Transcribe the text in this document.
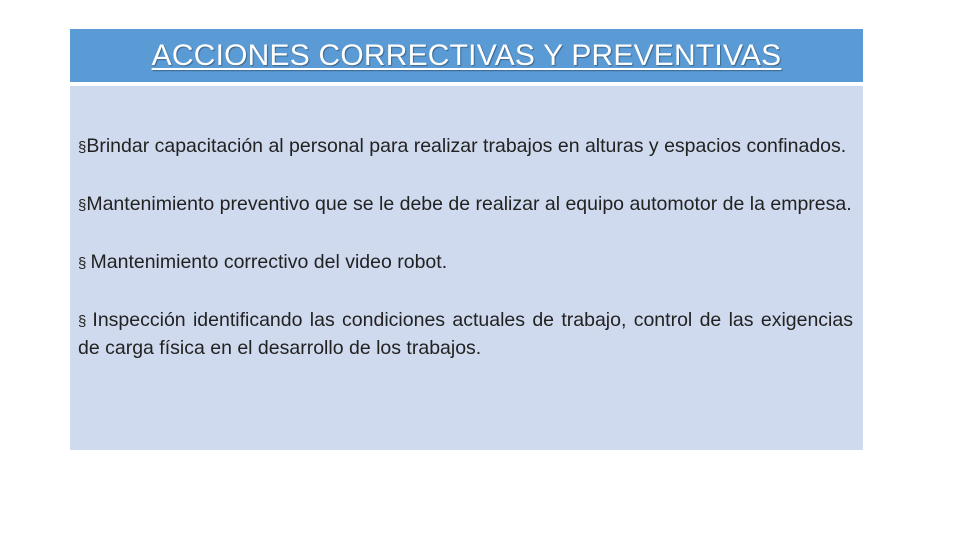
ACCIONES CORRECTIVAS Y PREVENTIVAS

§Brindar capacitación al personal para realizar trabajos en alturas y espacios confinados.

§Mantenimiento preventivo que se le debe de realizar al equipo automotor de la empresa.

§ Mantenimiento correctivo del video robot.

§ Inspección identificando las condiciones actuales de trabajo, control de las exigencias de carga física en el desarrollo de los trabajos.
